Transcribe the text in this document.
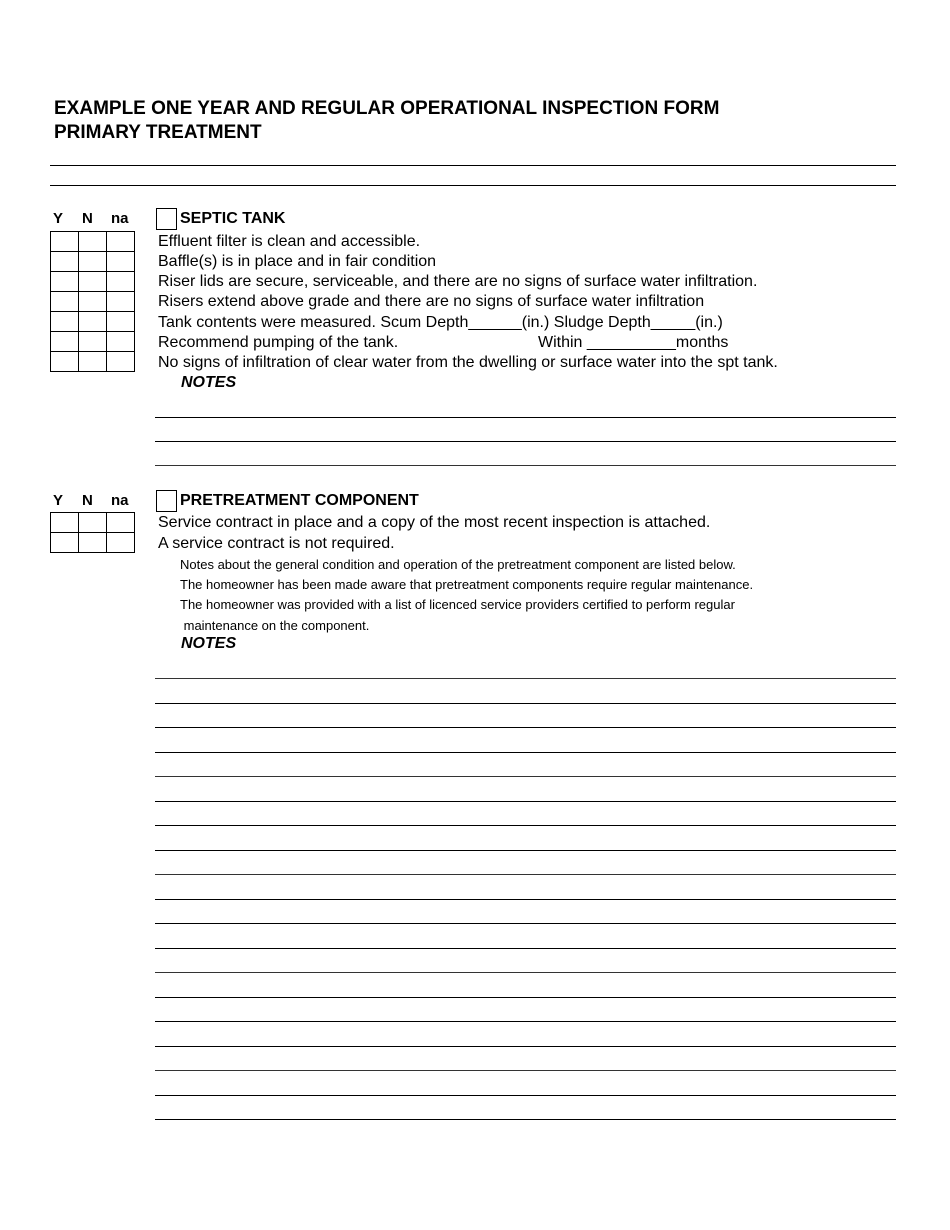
EXAMPLE ONE YEAR AND REGULAR OPERATIONAL INSPECTION FORM
PRIMARY TREATMENT
Y N na

			SEPTIC TANK
Effluent filter is clean and accessible.
Baffle(s) is in place and in fair condition
Riser lids are secure, serviceable, and there are no signs of surface water infiltration.
Risers extend above grade and there are no signs of surface water infiltration
Tank contents were measured. Scum Depth______(in.) Sludge Depth_____(in.)
Recommend pumping of the tank.	Within __________months
No signs of infiltration of clear water from the dwelling or surface water into the spt tank.
NOTES
Y N na

			PRETREATMENT COMPONENT
Service contract in place and a copy of the most recent inspection is attached.
A service contract is not required.
Notes about the general condition and operation of the pretreatment component are listed below.
The homeowner has been made aware that pretreatment components require regular maintenance.
The homeowner was provided with a list of licenced service providers certified to perform regular
maintenance on the component.
NOTES
